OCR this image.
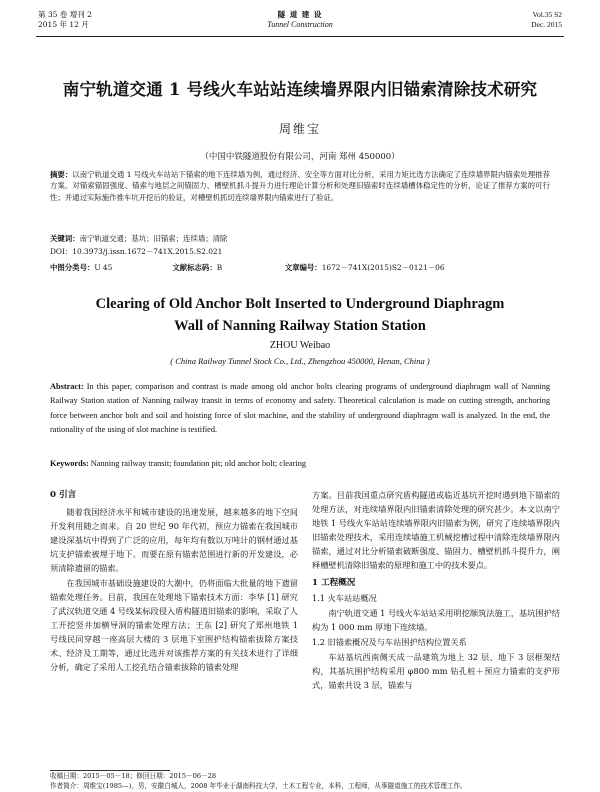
第 35 卷 增刊 2
2015 年 12 月
隧 道 建 设
Tunnel Construction
Vol.35 S2
Dec. 2015
南宁轨道交通 1 号线火车站站连续墙界限内旧锚索清除技术研究
周维宝
（中国中铁隧道股份有限公司，河南 郑州 450000）
摘要：以南宁轨道交通 1 号线火车站站下锚索的地下连续墙为例，通过经济、安全等方面对比分析，采用力矩比选方法确定了连续墙界限内锚索处理推荐方案。对锚索锚固强度、锚索与地层之间锚固力、槽壁机抓斗提升力进行理论计算分析和处理旧锚索时连续墙槽体稳定性的分析，论证了推荐方案的可行性；并通过实际施作推车坑开挖后的验证，对槽壁机抓切连续墙界限内锚索进行了验证。
关键词：南宁轨道交通；基坑；旧锚索；连续墙；清除
DOI：10.3973/j.issn.1672－741X.2015.S2.021
中图分类号：U 45	文献标志码：B	文章编号：1672－741X(2015)S2－0121－06
Clearing of Old Anchor Bolt Inserted to Underground Diaphragm
Wall of Nanning Railway Station Station
ZHOU Weibao
( China Railway Tunnel Stock Co., Ltd., Zhengzhou 450000, Henan, China )
Abstract: In this paper, comparison and contrast is made among old anchor bolts clearing programs of underground diaphragm wall of Nanning Railway Station station of Nanning railway transit in terms of economy and safety. Theoretical calculation is made on cutting strength, anchoring force between anchor bolt and soil and hoisting force of slot machine, and the stability of underground diaphragm wall is analyzed. In the end, the rationality of the using of slot machine is testified.
Keywords: Nanning railway transit; foundation pit; old anchor bolt; clearing
0 引言

随着我国经济水平和城市建设的迅速发展，越来越多的地下空间开发利用随之而来。自 20 世纪 90 年代初，预应力锚索在我国城市建设深基坑中得到了广泛的应用，每年均有数以万吨计的钢材通过基坑支护锚索被埋于地下。而要在原有锚索范围进行新的开发建设，必须清除遗留的锚索。

在我国城市基础设施建设的大潮中，仍将面临大批量的地下遗留锚索处理任务。目前，我国在处理地下锚索技术方面：李华 [1] 研究了武汉轨道交通 4 号线某标段侵入盾构隧道旧锚索的影响，采取了人工开挖竖井加横导洞的锚索处理方法；王东 [2] 研究了郑州地铁 1 号线民同穿越一座高层大楼的 3 层地下室围护结构锚索拔除方案技术、经济及工期等，通过比选并对该推荐方案的有关技术进行了详细分析，确定了采用人工挖孔结合锚索拔除的锚索处理

方案。目前我国重点研究盾构隧道或临近基坑开挖时遇到地下锚索的处理方法，对连续墙界限内旧锚索清除处理的研究甚少。本文以南宁地铁 1 号线火车站站连续墙界限内旧锚索为例，研究了连续墙界限内旧锚索处理技术，采用连续墙施工机械挖槽过程中清除连续墙界限内锚索，通过对比分析锚索破断强度、锚固力、槽壁机抓斗提升力，阐释槽壁机清除旧锚索的原理和施工中的技术要点。

1 工程概况
1.1 火车站站概况

南宁轨道交通 1 号线火车站站采用明挖顺筑法施工，基坑围护结构为 1 000 mm 厚地下连续墙。

1.2 旧锚索概况及与车站围护结构位置关系

车站基坑西南侧天成一品建筑为地上 32 层、地下 3 层框架结构，其基坑围护结构采用 φ800 mm 钻孔桩＋预应力锚索的支护形式，锚索共设 3 层，锚索与

收稿日期：2015－05－18；修回日期：2015－06－28
作者简介：周维宝(1985—)，男，安徽白城人，2008 年毕业于湖南科技大学，土木工程专业，本科，工程师，从事隧道施工的技术管理工作。
